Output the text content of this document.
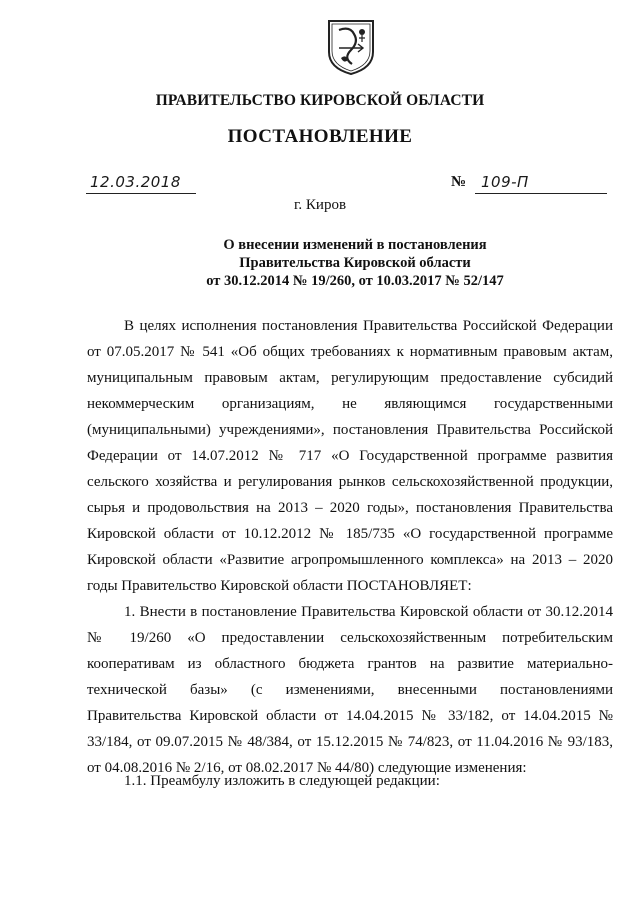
ПРАВИТЕЛЬСТВО КИРОВСКОЙ ОБЛАСТИ
ПОСТАНОВЛЕНИЕ
12.03.2018	№ 109-П
г. Киров
О внесении изменений в постановления
Правительства Кировской области
от 30.12.2014 № 19/260, от 10.03.2017 № 52/147

В целях исполнения постановления Правительства Российской Федерации от 07.05.2017 № 541 «Об общих требованиях к нормативным правовым актам, муниципальным правовым актам, регулирующим предоставление субсидий некоммерческим организациям, не являющимся государственными (муниципальными) учреждениями», постановления Правительства Российской Федерации от 14.07.2012 № 717 «О Государственной программе развития сельского хозяйства и регулирования рынков сельскохозяйственной продукции, сырья и продовольствия на 2013 – 2020 годы», постановления Правительства Кировской области от 10.12.2012 № 185/735 «О государственной программе Кировской области «Развитие агропромышленного комплекса» на 2013 – 2020 годы Правительство Кировской области ПОСТАНОВЛЯЕТ:

1. Внести в постановление Правительства Кировской области от 30.12.2014 № 19/260 «О предоставлении сельскохозяйственным потребительским кооперативам из областного бюджета грантов на развитие материально-технической базы» (с изменениями, внесенными постановлениями Правительства Кировской области от 14.04.2015 № 33/182, от 14.04.2015 № 33/184, от 09.07.2015 № 48/384, от 15.12.2015 № 74/823, от 11.04.2016 № 93/183, от 04.08.2016 № 2/16, от 08.02.2017 № 44/80) следующие изменения:

1.1. Преамбулу изложить в следующей редакции:
